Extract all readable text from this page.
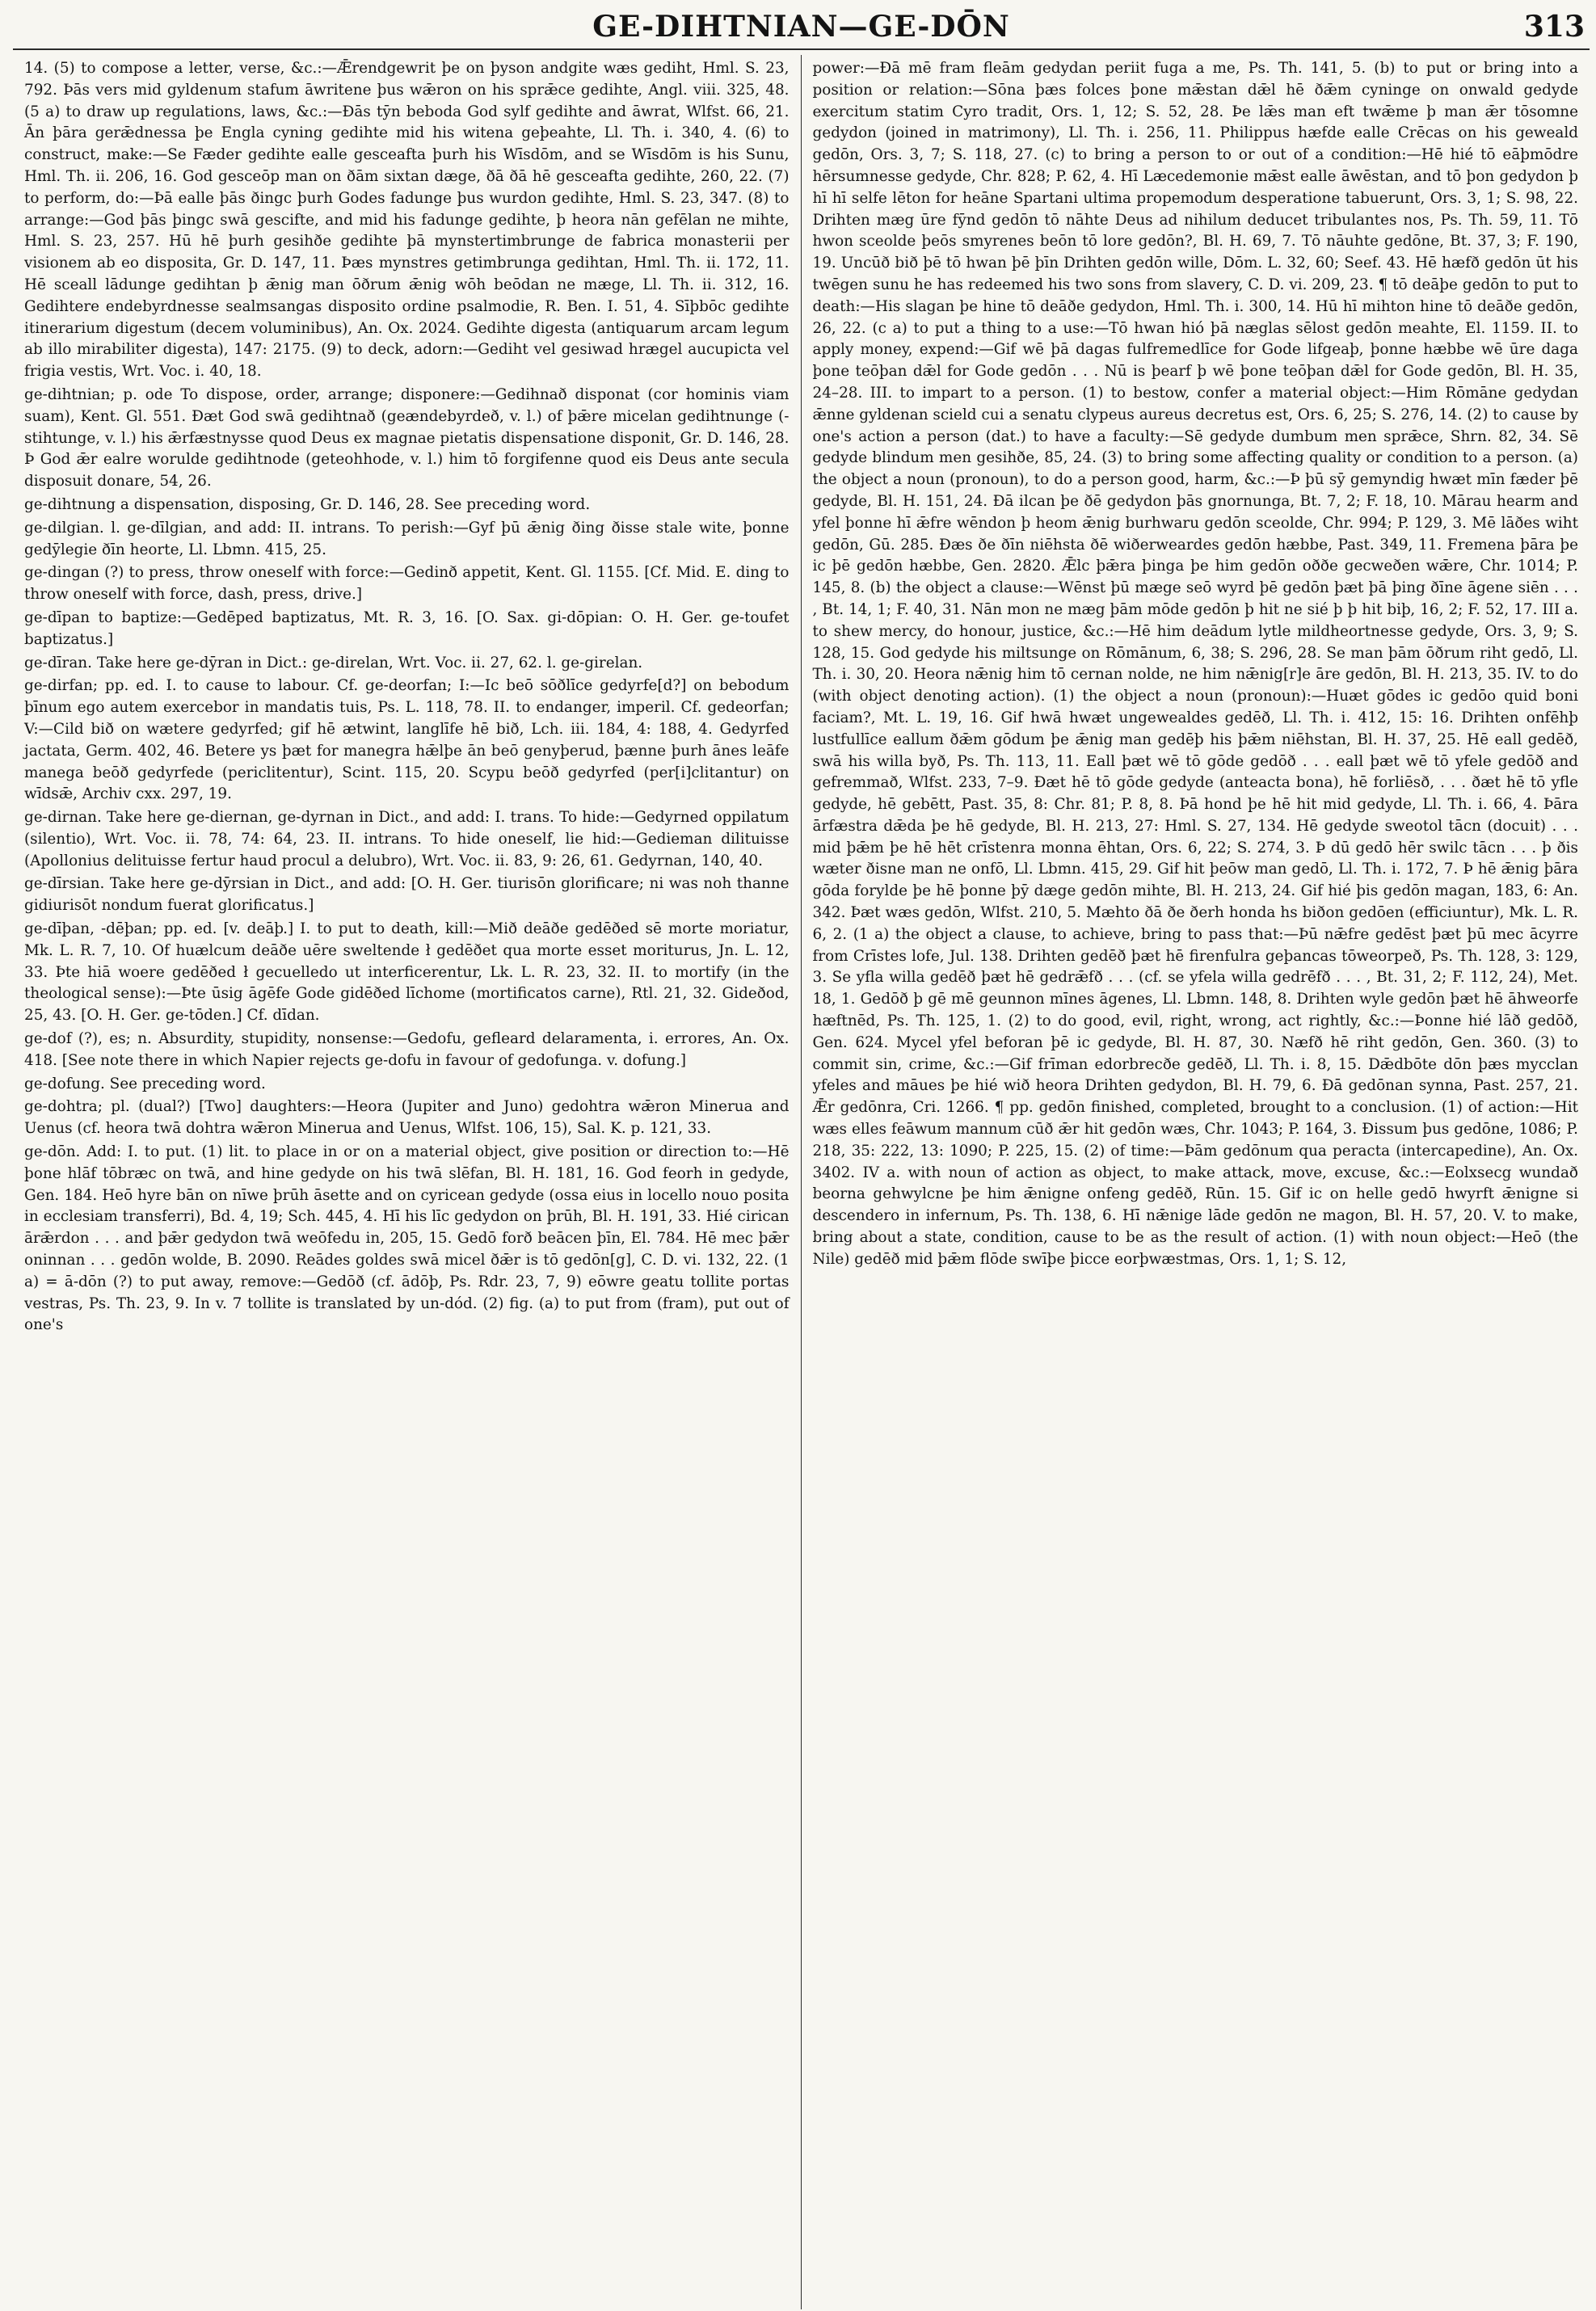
GE-DIHTNIAN—GE-DŌN	313

14. (5) to compose a letter, verse, &c.:—Ǣrendgewrit þe on þyson andgite wæs gediht, Hml. S. 23, 792. Þās vers mid gyldenum stafum āwritene þus wǣron on his sprǣce gedihte, Angl. viii. 325, 48. (5 a) to draw up regulations, laws, &c.:—Ðās tȳn beboda God sylf gedihte and āwrat, Wlfst. 66, 21. Ān þāra gerǣdnessa þe Engla cyning gedihte mid his witena geþeahte, Ll. Th. i. 340, 4. (6) to construct, make:—Se Fæder gedihte ealle gesceafta þurh his Wīsdōm, and se Wīsdōm is his Sunu, Hml. Th. ii. 206, 16. God gesceōp man on ðām sixtan dæge, ðā ðā hē gesceafta gedihte, 260, 22. (7) to perform, do:—Þā ealle þās ðingc þurh Godes fadunge þus wurdon gedihte, Hml. S. 23, 347. (8) to arrange:—God þās þingc swā gescifte, and mid his fadunge gedihte, þ heora nān gefēlan ne mihte, Hml. S. 23, 257. Hū hē þurh gesihðe gedihte þā mynstertimbrunge de fabrica monasterii per visionem ab eo disposita, Gr. D. 147, 11. Þæs mynstres getimbrunga gedihtan, Hml. Th. ii. 172, 11. Hē sceall lādunge gedihtan þ ǣnig man ōðrum ǣnig wōh beōdan ne mæge, Ll. Th. ii. 312, 16. Gedihtere endebyrdnesse sealmsangas disposito ordine psalmodie, R. Ben. I. 51, 4. Sīþbōc gedihte itinerarium digestum (decem voluminibus), An. Ox. 2024. Gedihte digesta (antiquarum arcam legum ab illo mirabiliter digesta), 147: 2175. (9) to deck, adorn:—Gediht vel gesiwad hrægel aucupicta vel frigia vestis, Wrt. Voc. i. 40, 18.

ge-dihtnian; p. ode To dispose, order, arrange; disponere:—Gedihnað disponat (cor hominis viam suam), Kent. Gl. 551. Ðæt God swā gedihtnað (geændebyrdeð, v. l.) of þǣre micelan gedihtnunge (-stihtunge, v. l.) his ǣrfæstnysse quod Deus ex magnae pietatis dispensatione disponit, Gr. D. 146, 28. Þ God ǣr ealre woruldе gedihtnode (geteohhode, v. l.) him tō forgifenne quod eis Deus ante secula disposuit donare, 54, 26.

ge-dihtnung a dispensation, disposing, Gr. D. 146, 28. See preceding word.

ge-dilgian. l. ge-dīlgian, and add: II. intrans. To perish:—Gyf þū ǣnig ðing ðisse stale wite, þonne gedȳlegie ðīn heorte, Ll. Lbmn. 415, 25.

ge-dingan (?) to press, throw oneself with force:—Gedinð appetit, Kent. Gl. 1155. [Cf. Mid. E. ding to throw oneself with force, dash, press, drive.]

ge-dīpan to baptize:—Gedēped baptizatus, Mt. R. 3, 16. [O. Sax. gi-dōpian: O. H. Ger. ge-toufet baptizatus.]

ge-dīran. Take here ge-dȳran in Dict.: ge-direlan, Wrt. Voc. ii. 27, 62. l. ge-girelan.

ge-dirfan; pp. ed. I. to cause to labour. Cf. ge-deorfan; I:—Ic beō sōðlīce gedyrfe[d?] on bebodum þīnum ego autem exercebor in mandatis tuis, Ps. L. 118, 78. II. to endanger, imperil. Cf. gedeorfan; V:—Cild bið on wætere gedyrfed; gif hē ætwint, langlīfe hē bið, Lch. iii. 184, 4: 188, 4. Gedyrfed jactata, Germ. 402, 46. Betere ys þæt for manegra hǣlþe ān beō genyþerud, þænne þurh ānes leāfe manega beōð gedyrfede (periclitentur), Scint. 115, 20. Scypu beōð gedyrfed (per[i]clitantur) on wīdsǣ, Archiv cxx. 297, 19.

ge-dirnan. Take here ge-diernan, ge-dyrnan in Dict., and add: I. trans. To hide:—Gedyrned oppilatum (silentio), Wrt. Voc. ii. 78, 74: 64, 23. II. intrans. To hide oneself, lie hid:—Gedieman dilituisse (Apollonius delituisse fertur haud procul a delubro), Wrt. Voc. ii. 83, 9: 26, 61. Gedyrnan, 140, 40.

ge-dīrsian. Take here ge-dȳrsian in Dict., and add: [O. H. Ger. tiurisōn glorificare; ni was noh thanne gidiurisōt nondum fuerat glorificatus.]

ge-dīþan, -dēþan; pp. ed. [v. deāþ.] I. to put to death, kill:—Mið deāðe gedēðed sē morte moriatur, Mk. L. R. 7, 10. Of huælcum deāðe uēre sweltende ł gedēðet qua morte esset moriturus, Jn. L. 12, 33. Þte hiā woere gedēðed ł gecuelledo ut interficerentur, Lk. L. R. 23, 32. II. to mortify (in the theological sense):—Þte ūsig āgēfe Gode gidēðed līchome (mortificatos carne), Rtl. 21, 32. Gideðod, 25, 43. [O. H. Ger. ge-tōden.] Cf. dīdan.

ge-dof (?), es; n. Absurdity, stupidity, nonsense:—Gedofu, gefleard delaramenta, i. errores, An. Ox. 418. [See note there in which Napier rejects ge-dofu in favour of gedofunga. v. dofung.]

ge-dofung. See preceding word.

ge-dohtra; pl. (dual?) [Two] daughters:—Heora (Jupiter and Juno) gedohtra wǣron Minerua and Uenus (cf. heora twā dohtra wǣron Minerua and Uenus, Wlfst. 106, 15), Sal. K. p. 121, 33.

ge-dōn. Add: I. to put. (1) lit. to place in or on a material object, give position or direction to:—Hē þone hlāf tōbræc on twā, and hine gedyde on his twā slēfan, Bl. H. 181, 16. God feorh in gedyde, Gen. 184. Heō hyre bān on nīwe þrūh āsette and on cyricean gedyde (ossa eius in locello nouo posita in ecclesiam transferri), Bd. 4, 19; Sch. 445, 4. Hī his līc gedydon on þrūh, Bl. H. 191, 33. Hié cirican ārǣrdon . . . and þǣr gedydon twā weōfedu in, 205, 15. Gedō forð beācen þīn, El. 784. Hē mec þǣr oninnan . . . gedōn wolde, B. 2090. Reādes goldes swā micel ðǣr is tō gedōn[g], C. D. vi. 132, 22. (1 a) = ā-dōn (?) to put away, remove:—Gedōð (cf. ādōþ, Ps. Rdr. 23, 7, 9) eōwre geatu tollite portas vestras, Ps. Th. 23, 9. In v. 7 tollite is translated by un-dód. (2) fig. (a) to put from (fram), put out of one's

power:—Ðā mē fram fleām gedydan periit fuga a me, Ps. Th. 141, 5. (b) to put or bring into a position or relation:—Sōna þæs folces þone mǣstan dǣl hē ðǣm cyninge on onwald gedyde exercitum statim Cyro tradit, Ors. 1, 12; S. 52, 28. Þe lǣs man eft twǣme þ man ǣr tōsomne gedydon (joined in matrimony), Ll. Th. i. 256, 11. Philippus hæfde ealle Crēcas on his geweald gedōn, Ors. 3, 7; S. 118, 27. (c) to bring a person to or out of a condition:—Hē hié tō eāþmōdre hērsumnesse gedyde, Chr. 828; P. 62, 4. Hī Læcedemonie mǣst ealle āwēstan, and tō þon gedydon þ hī hī selfe lēton for heāne Spartani ultima propemodum desperatione tabuerunt, Ors. 3, 1; S. 98, 22. Drihten mæg ūre fȳnd gedōn tō nāhte Deus ad nihilum deducet tribulantes nos, Ps. Th. 59, 11. Tō hwon sceolde þeōs smyrenes beōn tō lore gedōn?, Bl. H. 69, 7. Tō nāuhte gedōne, Bt. 37, 3; F. 190, 19. Uncūð bið þē tō hwan þē þīn Drihten gedōn wille, Dōm. L. 32, 60; Seef. 43. Hē hæfð gedōn ūt his twēgen sunu he has redeemed his two sons from slavery, C. D. vi. 209, 23. ¶ tō deāþe gedōn to put to death:—His slagan þe hine tō deāðe gedydon, Hml. Th. i. 300, 14. Hū hī mihton hine tō deāðe gedōn, 26, 22. (c a) to put a thing to a use:—Tō hwan hió þā næglas sēlost gedōn meahte, El. 1159. II. to apply money, expend:—Gif wē þā dagas fulfremedlīce for Gode lifgeaþ, þonne hæbbe wē ūre daga þone teōþan dǣl for Gode gedōn . . . Nū is þearf þ wē þone teōþan dǣl for Gode gedōn, Bl. H. 35, 24–28. III. to impart to a person. (1) to bestow, confer a material object:—Him Rōmāne gedydan ǣnne gyldenan scield cui a senatu clypeus aureus decretus est, Ors. 6, 25; S. 276, 14. (2) to cause by one's action a person (dat.) to have a faculty:—Sē gedyde dumbum men sprǣce, Shrn. 82, 34. Sē gedyde blindum men gesihðe, 85, 24. (3) to bring some affecting quality or condition to a person. (a) the object a noun (pronoun), to do a person good, harm, &c.:—Þ þū sȳ gemyndig hwæt mīn fæder þē gedyde, Bl. H. 151, 24. Ðā ilcan þe ðē gedydon þās gnornunga, Bt. 7, 2; F. 18, 10. Mārau hearm and yfel þonne hī ǣfre wēndon þ heom ǣnig burhwaru gedōn sceolde, Chr. 994; P. 129, 3. Mē lāðes wiht gedōn, Gū. 285. Ðæs ðe ðīn niēhsta ðē wiðerweardes gedōn hæbbe, Past. 349, 11. Fremena þāra þe ic þē gedōn hæbbe, Gen. 2820. Ǣlc þǣra þinga þe him gedōn oððe gecweðen wǣre, Chr. 1014; P. 145, 8. (b) the object a clause:—Wēnst þū mæge seō wyrd þē gedōn þæt þā þing ðīne āgene siēn . . . , Bt. 14, 1; F. 40, 31. Nān mon ne mæg þām mōde gedōn þ hit ne sié þ þ hit biþ, 16, 2; F. 52, 17. III a. to shew mercy, do honour, justice, &c.:—Hē him deādum lytle mildheortnesse gedyde, Ors. 3, 9; S. 128, 15. God gedyde his miltsunge on Rōmānum, 6, 38; S. 296, 28. Se man þām ōðrum riht gedō, Ll. Th. i. 30, 20. Heora nǣnig him tō cernan nolde, ne him nǣnig[r]e āre gedōn, Bl. H. 213, 35. IV. to do (with object denoting action). (1) the object a noun (pronoun):—Huæt gōdes ic gedōo quid boni faciam?, Mt. L. 19, 16. Gif hwā hwæt ungewealdes gedēð, Ll. Th. i. 412, 15: 16. Drihten onfēhþ lustfullīce eallum ðǣm gōdum þe ǣnig man gedēþ his þǣm niēhstan, Bl. H. 37, 25. Hē eall gedēð, swā his willa byð, Ps. Th. 113, 11. Eall þæt wē tō gōde gedōð . . . eall þæt wē tō yfele gedōð and gefremmað, Wlfst. 233, 7–9. Ðæt hē tō gōde gedyde (anteacta bona), hē forliēsð, . . . ðæt hē tō yfle gedyde, hē gebētt, Past. 35, 8: Chr. 81; P. 8, 8. Þā hond þe hē hit mid gedyde, Ll. Th. i. 66, 4. Þāra ārfæstra dǣda þe hē gedyde, Bl. H. 213, 27: Hml. S. 27, 134. Hē gedyde sweotol tācn (docuit) . . . mid þǣm þe hē hēt crīstenra monna ēhtan, Ors. 6, 22; S. 274, 3. Þ dū gedō hēr swilc tācn . . . þ ðis wæter ðisne man ne onfō, Ll. Lbmn. 415, 29. Gif hit þeōw man gedō, Ll. Th. i. 172, 7. Þ hē ǣnig þāra gōda forylde þe hē þonne þȳ dæge gedōn mihte, Bl. H. 213, 24. Gif hié þis gedōn magan, 183, 6: An. 342. Þæt wæs gedōn, Wlfst. 210, 5. Mæhto ðā ðe ðerh honda hs biðon gedōen (efficiuntur), Mk. L. R. 6, 2. (1 a) the object a clause, to achieve, bring to pass that:—Þū nǣfre gedēst þæt þū mec ācyrre from Crīstes lofe, Jul. 138. Drihten gedēð þæt hē firenfulra geþancas tōweorpeð, Ps. Th. 128, 3: 129, 3. Se yfla willa gedēð þæt hē gedrǣfð . . . (cf. se yfela willa gedrēfð . . . , Bt. 31, 2; F. 112, 24), Met. 18, 1. Gedōð þ gē mē geunnon mīnes āgenes, Ll. Lbmn. 148, 8. Drihten wyle gedōn þæt hē āhweorfe hæftnēd, Ps. Th. 125, 1. (2) to do good, evil, right, wrong, act rightly, &c.:—Þonne hié lāð gedōð, Gen. 624. Mycel yfel beforan þē ic gedyde, Bl. H. 87, 30. Næfð hē riht gedōn, Gen. 360. (3) to commit sin, crime, &c.:—Gif frīman edorbrecðe gedēð, Ll. Th. i. 8, 15. Dǣdbōte dōn þæs mycclan yfeles and māues þe hié wið heora Drihten gedydon, Bl. H. 79, 6. Ðā gedōnan synna, Past. 257, 21. Ǣr gedōnra, Cri. 1266. ¶ pp. gedōn finished, completed, brought to a conclusion. (1) of action:—Hit wæs elles feāwum mannum cūð ǣr hit gedōn wæs, Chr. 1043; P. 164, 3. Ðissum þus gedōne, 1086; P. 218, 35: 222, 13: 1090; P. 225, 15. (2) of time:—Þām gedōnum qua peracta (intercapedine), An. Ox. 3402. IV a. with noun of action as object, to make attack, move, excuse, &c.:—Eolxsecg wundað beorna gehwylcne þe him ǣnigne onfeng gedēð, Rūn. 15. Gif ic on helle gedō hwyrft ǣnigne si descendero in infernum, Ps. Th. 138, 6. Hī nǣnige lāde gedōn ne magon, Bl. H. 57, 20. V. to make, bring about a state, condition, cause to be as the result of action. (1) with noun object:—Heō (the Nile) gedēð mid þǣm flōde swīþe þicce eorþwæstmas, Ors. 1, 1; S. 12,
